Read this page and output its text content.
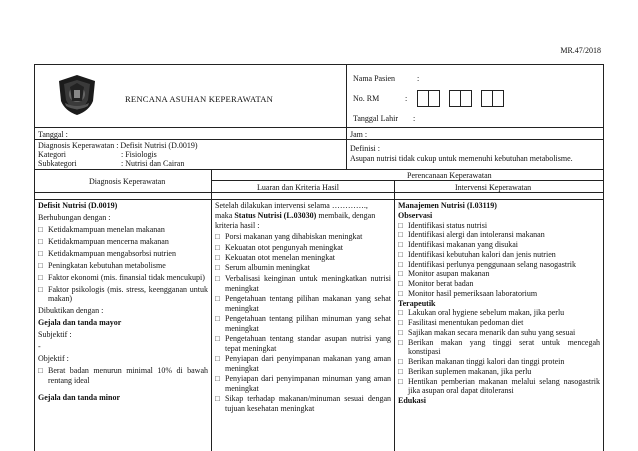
MR.47/2018
RENCANA ASUHAN KEPERAWATAN
Nama Pasien	:
No. RM	:
Tanggal Lahir :
Tanggal :	Jam :
Diagnosis Keperawatan : Defisit Nutrisi (D.0019)
Kategori	: Fisiologis
Subkategori	: Nutrisi dan Cairan
Definisi :
Asupan nutrisi tidak cukup untuk memenuhi kebutuhan metabolisme.
Diagnosis Keperawatan
Perencanaan Keperawatan
Luaran dan Kriteria Hasil	Intervensi Keperawatan

Defisit Nutrisi (D.0019)

Berhubungan dengan :

□ Ketidakmampuan menelan makanan
□ Ketidakmampuan mencerna makanan
□ Ketidakmampuan mengabsorbsi nutrien
□ Peningkatan kebutuhan metabolisme
□ Faktor ekonomi (mis. finansial tidak mencukupi)
□ Faktor psikologis (mis. stress, keengganan untuk makan)

Dibuktikan dengan :

Gejala dan tanda mayor

Subjektif :

-

Objektif :

□ Berat badan menurun minimal 10% di bawah rentang ideal

Gejala dan tanda minor

Setelah dilakukan intervensi selama ………….,

maka Status Nutrisi (L.03030) membaik, dengan

kriteria hasil :

□ Porsi makanan yang dihabiskan meningkat
□ Kekuatan otot pengunyah meningkat
□ Kekuatan otot menelan meningkat
□ Serum albumin meningkat
□ Verbalisasi keinginan untuk meningkatkan nutrisi meningkat
□ Pengetahuan tentang pilihan makanan yang sehat meningkat
□ Pengetahuan tentang pilihan minuman yang sehat meningkat
□ Pengetahuan tentang standar asupan nutrisi yang tepat meningkat
□ Penyiapan dari penyimpanan makanan yang aman meningkat
□ Penyiapan dari penyimpanan minuman yang aman meningkat
□ Sikap terhadap makanan/minuman sesuai dengan tujuan kesehatan meningkat

Manajemen Nutrisi (I.03119)

Observasi

□ Identifikasi status nutrisi
□ Identifikasi alergi dan intoleransi makanan
□ Identifikasi makanan yang disukai
□ Identifikasi kebutuhan kalori dan jenis nutrien
□ Identifikasi perlunya penggunaan selang nasogastrik
□ Monitor asupan makanan
□ Monitor berat badan
□ Monitor hasil pemeriksaan laboratorium

Terapeutik

□ Lakukan oral hygiene sebelum makan, jika perlu
□ Fasilitasi menentukan pedoman diet
□ Sajikan makan secara menarik dan suhu yang sesuai
□ Berikan makan yang tinggi serat untuk mencegah konstipasi
□ Berikan makanan tinggi kalori dan tinggi protein
□ Berikan suplemen makanan, jika perlu
□ Hentikan pemberian makanan melalui selang nasogastrik jika asupan oral dapat ditoleransi

Edukasi
